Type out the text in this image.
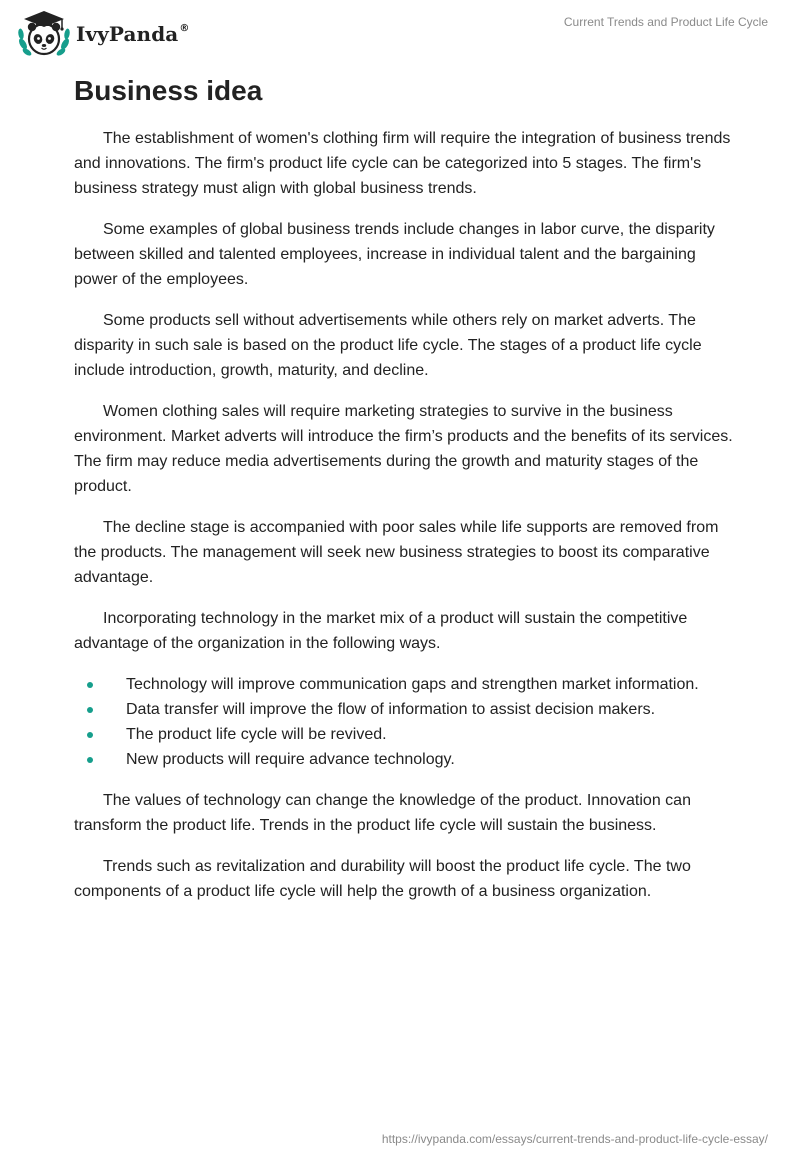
IvyPanda®	Current Trends and Product Life Cycle
Business idea

The establishment of women's clothing firm will require the integration of business trends and innovations. The firm's product life cycle can be categorized into 5 stages. The firm's business strategy must align with global business trends.

Some examples of global business trends include changes in labor curve, the disparity between skilled and talented employees, increase in individual talent and the bargaining power of the employees.

Some products sell without advertisements while others rely on market adverts. The disparity in such sale is based on the product life cycle. The stages of a product life cycle include introduction, growth, maturity, and decline.

Women clothing sales will require marketing strategies to survive in the business environment. Market adverts will introduce the firm’s products and the benefits of its services. The firm may reduce media advertisements during the growth and maturity stages of the product.

The decline stage is accompanied with poor sales while life supports are removed from the products. The management will seek new business strategies to boost its comparative advantage.

Incorporating technology in the market mix of a product will sustain the competitive advantage of the organization in the following ways.

Technology will improve communication gaps and strengthen market information.
Data transfer will improve the flow of information to assist decision makers.
The product life cycle will be revived.
New products will require advance technology.

The values of technology can change the knowledge of the product. Innovation can transform the product life. Trends in the product life cycle will sustain the business.

Trends such as revitalization and durability will boost the product life cycle. The two components of a product life cycle will help the growth of a business organization.

https://ivypanda.com/essays/current-trends-and-product-life-cycle-essay/
